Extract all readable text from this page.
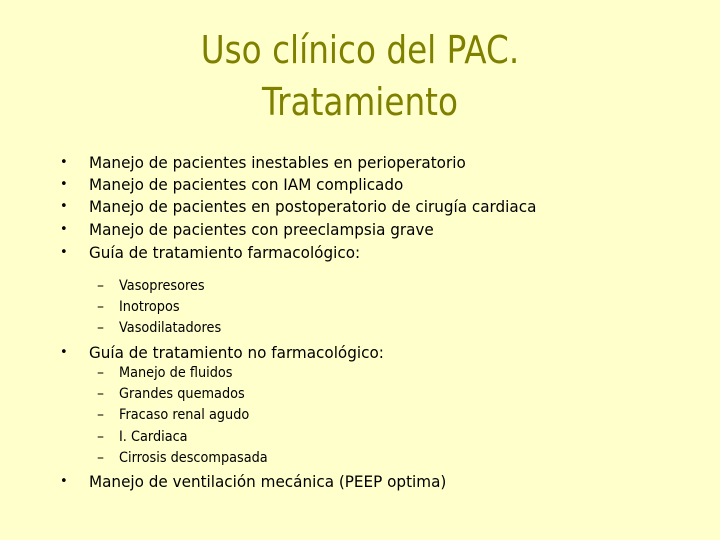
Uso clínico del PAC.
Tratamiento
• Manejo de pacientes inestables en perioperatorio
• Manejo de pacientes con IAM complicado
• Manejo de pacientes en postoperatorio de cirugía cardiaca
• Manejo de pacientes con preeclampsia grave
• Guía de tratamiento farmacológico:
– Vasopresores
– Inotropos
– Vasodilatadores
• Guía de tratamiento no farmacológico:
– Manejo de fluidos
– Grandes quemados
– Fracaso renal agudo
– I. Cardiaca
– Cirrosis descompasada
• Manejo de ventilación mecánica (PEEP optima)
